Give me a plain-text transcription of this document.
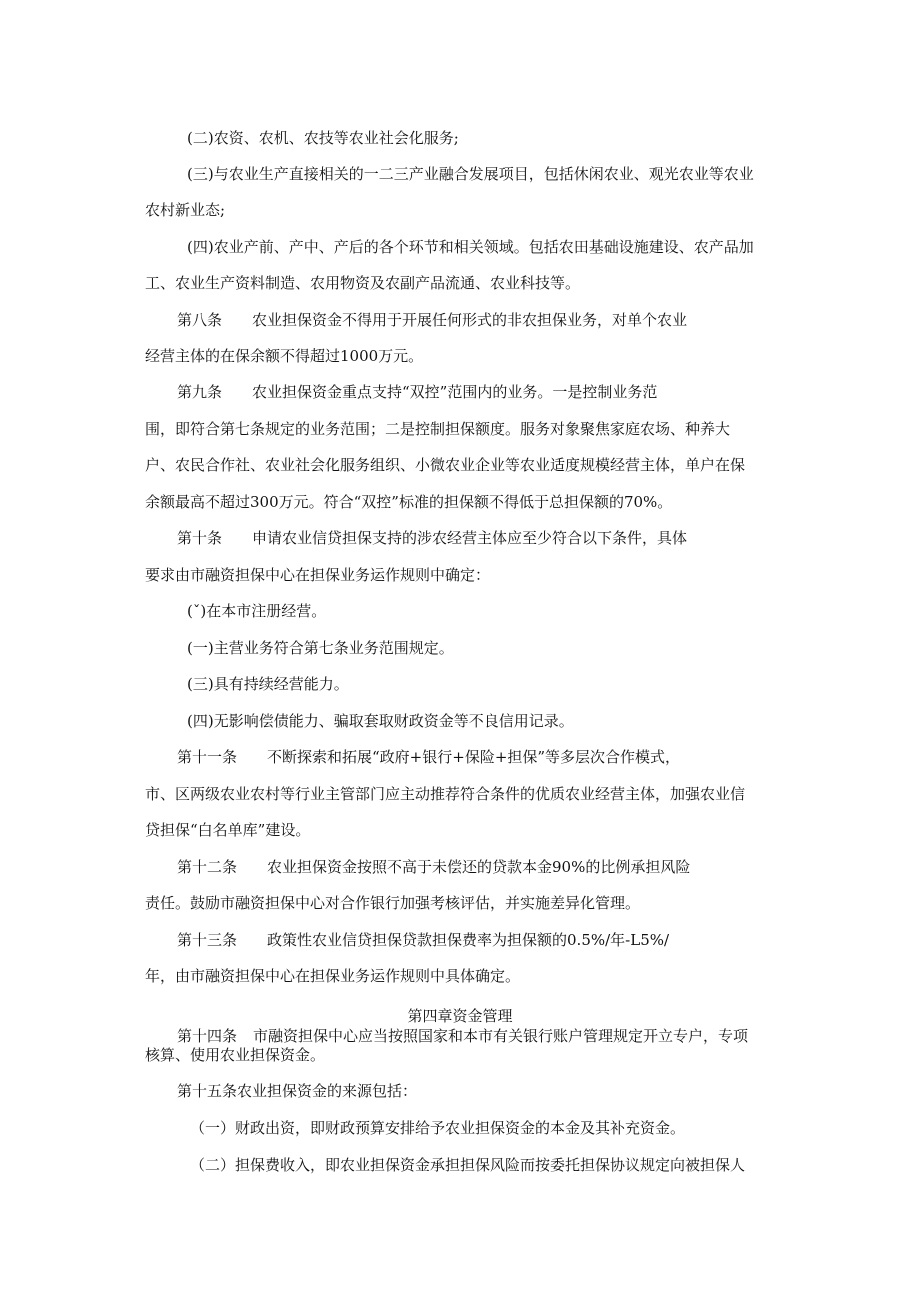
(二)农资、农机、农技等农业社会化服务;

(三)与农业生产直接相关的一二三产业融合发展项目，包括休闲农业、观光农业等农业

农村新业态;

(四)农业产前、产中、产后的各个环节和相关领域。包括农田基础设施建设、农产品加

工、农业生产资料制造、农用物资及农副产品流通、农业科技等。

第八条 农业担保资金不得用于开展任何形式的非农担保业务，对单个农业

经营主体的在保余额不得超过1000万元。

第九条 农业担保资金重点支持“双控”范围内的业务。一是控制业务范

围，即符合第七条规定的业务范围；二是控制担保额度。服务对象聚焦家庭农场、种养大

户、农民合作社、农业社会化服务组织、小微农业企业等农业适度规模经营主体，单户在保

余额最高不超过300万元。符合“双控”标准的担保额不得低于总担保额的70%。

第十条 申请农业信贷担保支持的涉农经营主体应至少符合以下条件，具体

要求由市融资担保中心在担保业务运作规则中确定：

(ˇ)在本市注册经营。

(一)主营业务符合第七条业务范围规定。

(三)具有持续经营能力。

(四)无影响偿债能力、骗取套取财政资金等不良信用记录。

第十一条 不断探索和拓展“政府+银行+保险+担保”等多层次合作模式，

市、区两级农业农村等行业主管部门应主动推荐符合条件的优质农业经营主体，加强农业信

贷担保“白名单库”建设。

第十二条 农业担保资金按照不高于未偿还的贷款本金90%的比例承担风险

责任。鼓励市融资担保中心对合作银行加强考核评估，并实施差异化管理。

第十三条 政策性农业信贷担保贷款担保费率为担保额的0.5%/年-L5%/

年，由市融资担保中心在担保业务运作规则中具体确定。

第四章资金管理

第十四条 市融资担保中心应当按照国家和本市有关银行账户管理规定开立专户，专项

核算、使用农业担保资金。

第十五条农业担保资金的来源包括：

（一）财政出资，即财政预算安排给予农业担保资金的本金及其补充资金。

（二）担保费收入，即农业担保资金承担担保风险而按委托担保协议规定向被担保人
